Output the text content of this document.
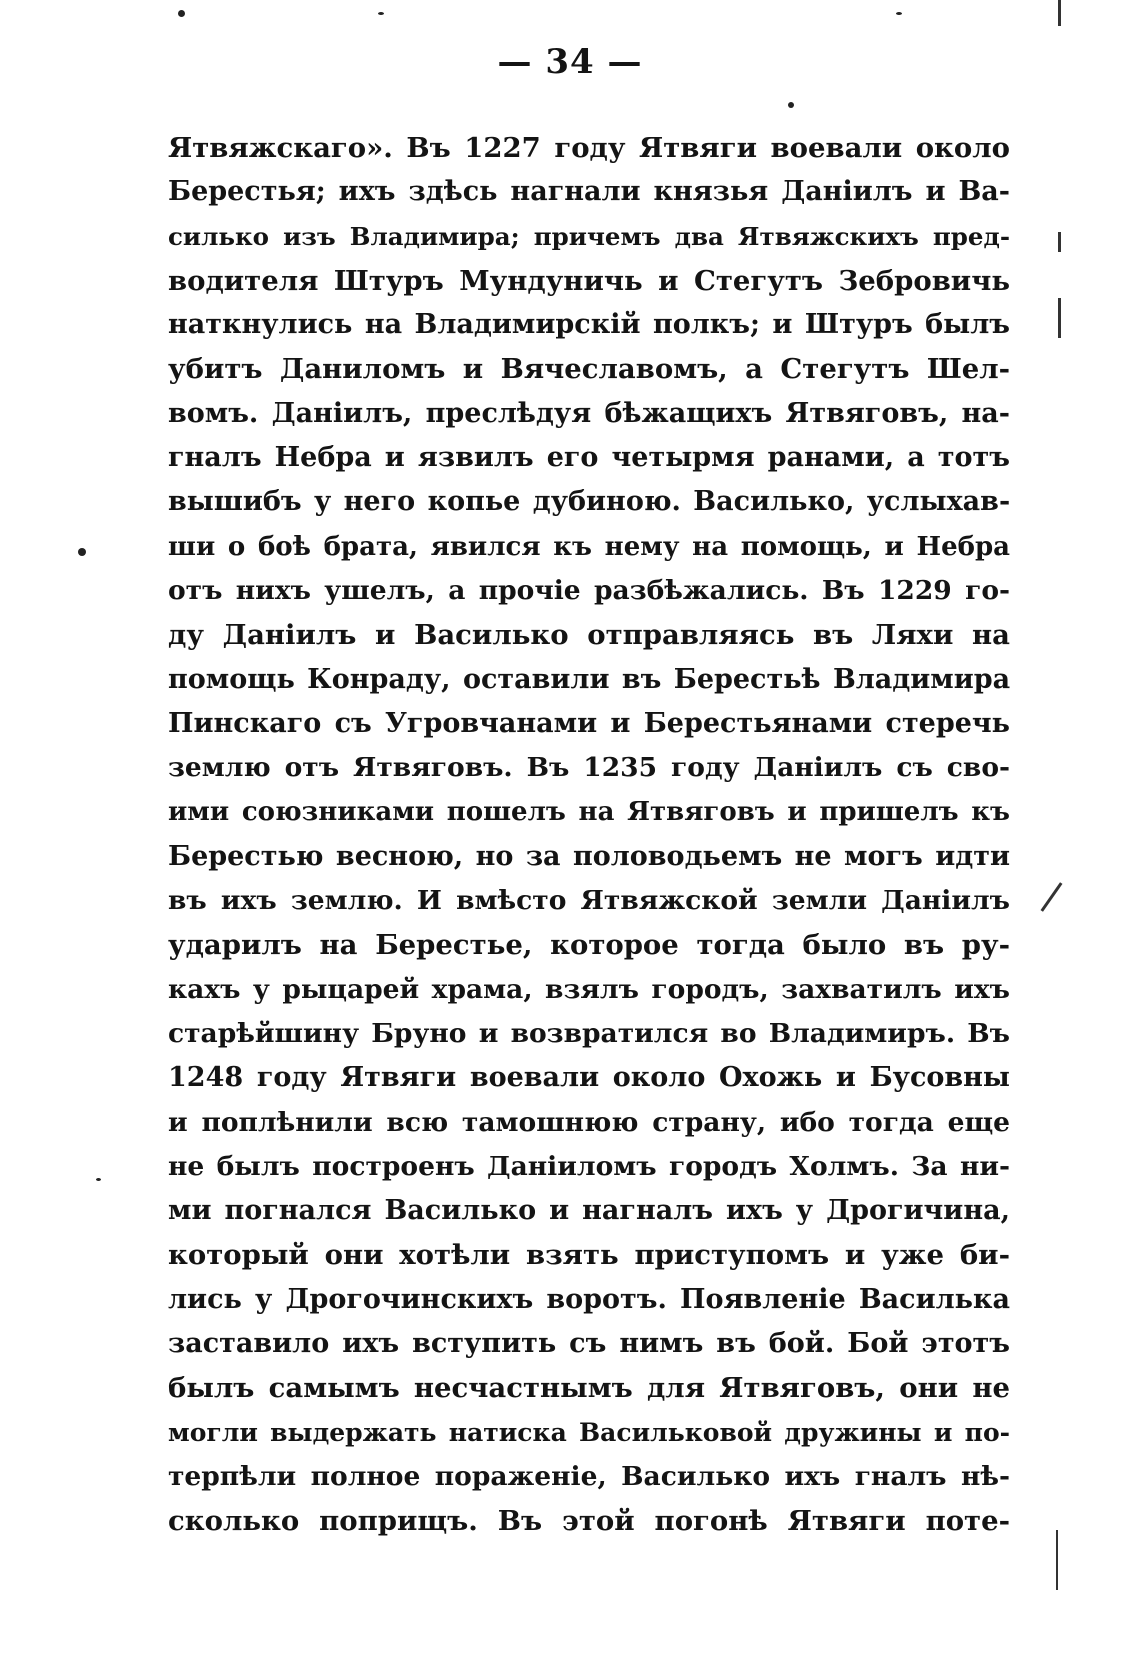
— 34 —
Ятвяжскаго». Въ 1227 году Ятвяги воевали около
Берестья; ихъ здѣсь нагнали князья Даніилъ и Ва-
силько изъ Владимира; причемъ два Ятвяжскихъ пред-
водителя Штуръ Мундуничь и Стегутъ Зебровичь
наткнулись на Владимирскій полкъ; и Штуръ былъ
убитъ Даниломъ и Вячеславомъ, а Стегутъ Шел-
вомъ. Даніилъ, преслѣдуя бѣжащихъ Ятвяговъ, на-
гналъ Небра и язвилъ его четырмя ранами, а тотъ
вышибъ у него копье дубиною. Василько, услыхав-
ши о боѣ брата, явился къ нему на помощь, и Небра
отъ нихъ ушелъ, а прочіе разбѣжались. Въ 1229 го-
ду Даніилъ и Василько отправляясь въ Ляхи на
помощь Конраду, оставили въ Берестьѣ Владимира
Пинскаго съ Угровчанами и Берестьянами стеречь
землю отъ Ятвяговъ. Въ 1235 году Даніилъ съ сво-
ими союзниками пошелъ на Ятвяговъ и пришелъ къ
Берестью весною, но за половодьемъ не могъ идти
въ ихъ землю. И вмѣсто Ятвяжской земли Даніилъ
ударилъ на Берестье, которое тогда было въ ру-
кахъ у рыцарей храма, взялъ городъ, захватилъ ихъ
старѣйшину Бруно и возвратился во Владимиръ. Въ
1248 году Ятвяги воевали около Охожь и Бусовны
и поплѣнили всю тамошнюю страну, ибо тогда еще
не былъ построенъ Даніиломъ городъ Холмъ. За ни-
ми погнался Василько и нагналъ ихъ у Дрогичина,
который они хотѣли взять приступомъ и уже би-
лись у Дрогочинскихъ воротъ. Появленіе Василька
заставило ихъ вступить съ нимъ въ бой. Бой этотъ
былъ самымъ несчастнымъ для Ятвяговъ, они не
могли выдержать натиска Васильковой дружины и по-
терпѣли полное пораженіе, Василько ихъ гналъ нѣ-
сколько поприщъ. Въ этой погонѣ Ятвяги поте-
